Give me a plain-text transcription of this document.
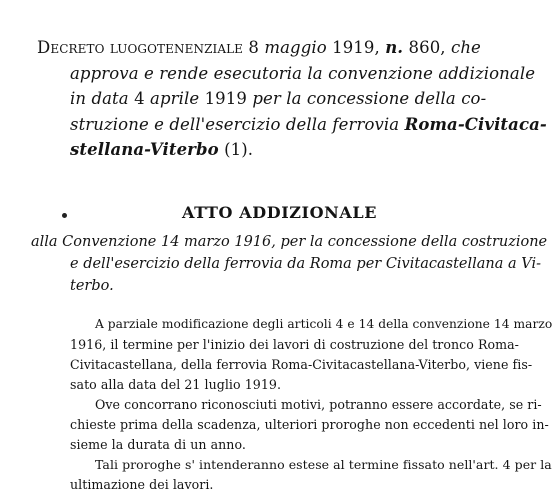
Decreto luogotenenziale 8 maggio 1919, n. 860, che
approva e rende esecutoria la convenzione addizionale
in data 4 aprile 1919 per la concessione della co-
struzione e dell'esercizio della ferrovia Roma-Civitaca-
stellana-Viterbo (1).
ATTO ADDIZIONALE
alla Convenzione 14 marzo 1916, per la concessione della costruzione
e dell'esercizio della ferrovia da Roma per Civitacastellana a Vi-
terbo.
A parziale modificazione degli articoli 4 e 14 della convenzione 14 marzo
1916, il termine per l'inizio dei lavori di costruzione del tronco Roma-
Civitacastellana, della ferrovia Roma-Civitacastellana-Viterbo, viene fis-
sato alla data del 21 luglio 1919.
Ove concorrano riconosciuti motivi, potranno essere accordate, se ri-
chieste prima della scadenza, ulteriori proroghe non eccedenti nel loro in-
sieme la durata di un anno.
Tali proroghe s' intenderanno estese al termine fissato nell'art. 4 per la
ultimazione dei lavori.
